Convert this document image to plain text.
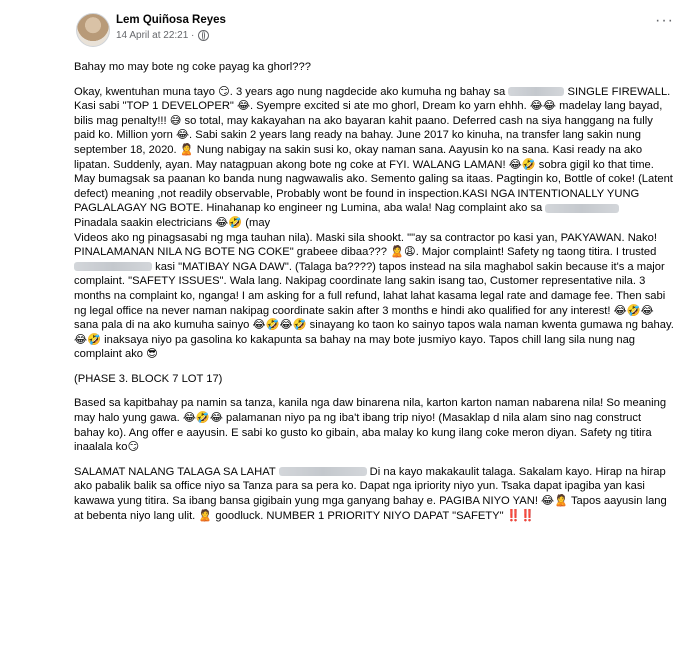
Lem Quiñosa Reyes
14 April at 22:21 ·
···

Bahay mo may bote ng coke payag ka ghorl???

Okay, kwentuhan muna tayo 😏. 3 years ago nung nagdecide ako kumuha ng bahay sa	SINGLE FIREWALL. Kasi sabi "TOP 1 DEVELOPER" 😂. Syempre excited si ate mo ghorl, Dream ko yarn ehhh. 😂😂 madelay lang bayad, bilis mag penalty!!! 😅 so total, may kakayahan na ako bayaran kahit paano. Deferred cash na siya hanggang na fully paid ko. Million yorn 😂. Sabi sakin 2 years lang ready na bahay. June 2017 ko kinuha, na transfer lang sakin nung september 18, 2020. 🙎 Nung nabigay na sakin susi ko, okay naman sana. Aayusin ko na sana. Kasi ready na ako lipatan. Suddenly, ayan. May natagpuan akong bote ng coke at FYI. WALANG LAMAN! 😂🤣 sobra gigil ko that time. May bumagsak sa paanan ko banda nung nagwawalis ako. Semento galing sa itaas. Pagtingin ko, Bottle of coke! (Latent defect) meaning ,not readily observable, Probably wont be found in inspection.KASI NGA INTENTIONALLY YUNG PAGLALAGAY NG BOTE. Hinahanap ko engineer ng Lumina, aba wala! Nag complaint ako sa
Pinadala saakin electricians 😂🤣 (may
Videos ako ng pinagsasabi ng mga tauhan nila). Maski sila shookt. ""ay sa contractor po kasi yan, PAKYAWAN. Nako! PINALAMANAN NILA NG BOTE NG COKE" grabeee dibaa??? 🙎😩. Major complaint! Safety ng taong titira. I trusted  kasi "MATIBAY NGA DAW". (Talaga ba????) tapos instead na sila maghabol sakin because it's a major complaint. "SAFETY ISSUES". Wala lang. Nakipag coordinate lang sakin isang tao, Customer representative nila. 3 months na complaint ko, nganga! I am asking for a full refund, lahat lahat kasama legal rate and damage fee. Then sabi ng legal office na never naman nakipag coordinate sakin after 3 months e hindi ako qualified for any interest! 😂🤣😂 sana pala di na ako kumuha sainyo 😂🤣😂🤣 sinayang ko taon ko sainyo tapos wala naman kwenta gumawa ng bahay. 😂🤣 inaksaya niyo pa gasolina ko kakapunta sa bahay na may bote jusmiyo kayo. Tapos chill lang sila nung nag complaint ako 😎

(PHASE 3. BLOCK 7 LOT 17)

Based sa kapitbahay pa namin sa tanza, kanila nga daw binarena nila, karton karton naman nabarena nila! So meaning may halo yung gawa. 😂🤣😂 palamanan niyo pa ng iba't ibang trip niyo! (Masaklap d nila alam sino nag construct bahay ko). Ang offer e aayusin. E sabi ko gusto ko gibain, aba malay ko kung ilang coke meron diyan. Safety ng titira inaalala ko😏

SALAMAT NALANG TALAGA SA LAHAT	Di na kayo makakaulit talaga. Sakalam kayo. Hirap na hirap ako pabalik balik sa office niyo sa Tanza para sa pera ko. Dapat nga ipriority niyo yun. Tsaka dapat ipagiba yan kasi kawawa yung titira. Sa ibang bansa gigibain yung mga ganyang bahay e. PAGIBA NIYO YAN! 😂🙎 Tapos aayusin lang at bebenta niyo lang ulit. 🙎 goodluck. NUMBER 1 PRIORITY NIYO DAPAT "SAFETY" ‼️‼️
